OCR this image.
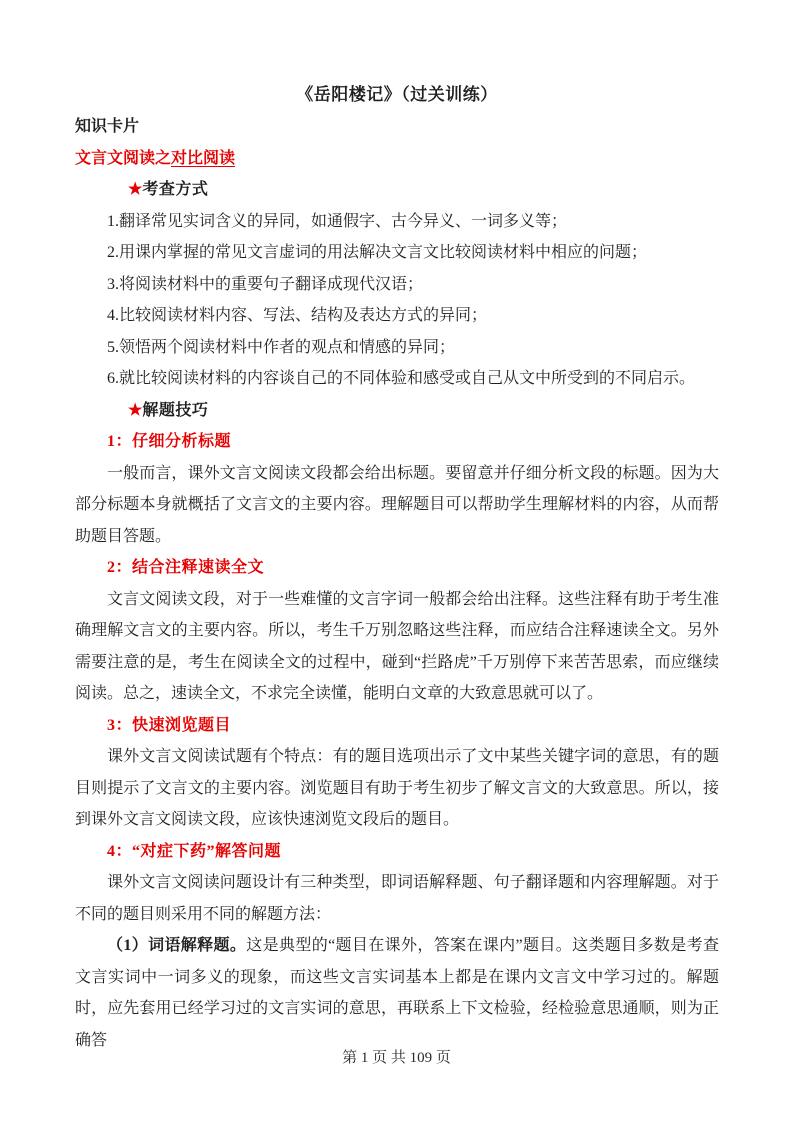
《岳阳楼记》（过关训练）
知识卡片
文言文阅读之对比阅读
★考查方式
1.翻译常见实词含义的异同，如通假字、古今异义、一词多义等；
2.用课内掌握的常见文言虚词的用法解决文言文比较阅读材料中相应的问题；
3.将阅读材料中的重要句子翻译成现代汉语；
4.比较阅读材料内容、写法、结构及表达方式的异同；
5.领悟两个阅读材料中作者的观点和情感的异同；
6.就比较阅读材料的内容谈自己的不同体验和感受或自己从文中所受到的不同启示。
★解题技巧
1：仔细分析标题

一般而言，课外文言文阅读文段都会给出标题。要留意并仔细分析文段的标题。因为大部分标题本身就概括了文言文的主要内容。理解题目可以帮助学生理解材料的内容，从而帮助题目答题。

2：结合注释速读全文

文言文阅读文段，对于一些难懂的文言字词一般都会给出注释。这些注释有助于考生准确理解文言文的主要内容。所以，考生千万别忽略这些注释，而应结合注释速读全文。另外需要注意的是，考生在阅读全文的过程中，碰到“拦路虎”千万别停下来苦苦思索，而应继续阅读。总之，速读全文，不求完全读懂，能明白文章的大致意思就可以了。

3：快速浏览题目

课外文言文阅读试题有个特点：有的题目选项出示了文中某些关键字词的意思，有的题目则提示了文言文的主要内容。浏览题目有助于考生初步了解文言文的大致意思。所以，接到课外文言文阅读文段，应该快速浏览文段后的题目。

4：“对症下药”解答问题

课外文言文阅读问题设计有三种类型，即词语解释题、句子翻译题和内容理解题。对于不同的题目则采用不同的解题方法：

（1）词语解释题。这是典型的“题目在课外，答案在课内”题目。这类题目多数是考查文言实词中一词多义的现象，而这些文言实词基本上都是在课内文言文中学习过的。解题时，应先套用已经学习过的文言实词的意思，再联系上下文检验，经检验意思通顺，则为正确答

第 1 页 共 109 页
